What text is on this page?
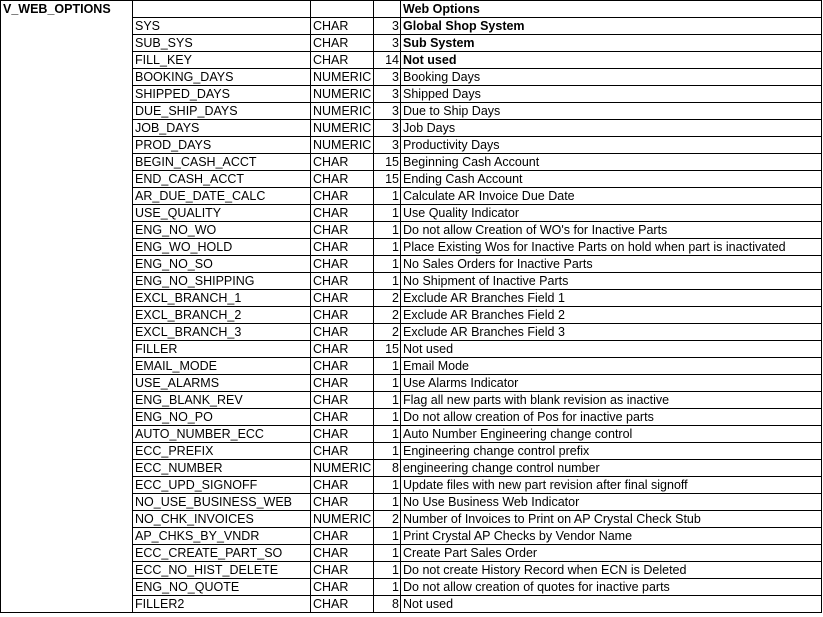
V_WEB_OPTIONS				Web Options
	SYS	CHAR	3	Global Shop System
	SUB_SYS	CHAR	3	Sub System
	FILL_KEY	CHAR	14	Not used
	BOOKING_DAYS	NUMERIC	3	Booking Days
	SHIPPED_DAYS	NUMERIC	3	Shipped Days
	DUE_SHIP_DAYS	NUMERIC	3	Due to Ship Days
	JOB_DAYS	NUMERIC	3	Job Days
	PROD_DAYS	NUMERIC	3	Productivity Days
	BEGIN_CASH_ACCT	CHAR	15	Beginning Cash Account
	END_CASH_ACCT	CHAR	15	Ending Cash Account
	AR_DUE_DATE_CALC	CHAR	1	Calculate AR Invoice Due Date
	USE_QUALITY	CHAR	1	Use Quality Indicator
	ENG_NO_WO	CHAR	1	Do not allow Creation of WO's for Inactive Parts
	ENG_WO_HOLD	CHAR	1	Place Existing Wos for Inactive Parts on hold when part is inactivated
	ENG_NO_SO	CHAR	1	No Sales Orders for Inactive Parts
	ENG_NO_SHIPPING	CHAR	1	No Shipment of Inactive Parts
	EXCL_BRANCH_1	CHAR	2	Exclude AR Branches Field 1
	EXCL_BRANCH_2	CHAR	2	Exclude AR Branches Field 2
	EXCL_BRANCH_3	CHAR	2	Exclude AR Branches Field 3
	FILLER	CHAR	15	Not used
	EMAIL_MODE	CHAR	1	Email Mode
	USE_ALARMS	CHAR	1	Use Alarms Indicator
	ENG_BLANK_REV	CHAR	1	Flag all new parts with blank revision as inactive
	ENG_NO_PO	CHAR	1	Do not allow creation of Pos for inactive parts
	AUTO_NUMBER_ECC	CHAR	1	Auto Number Engineering change control
	ECC_PREFIX	CHAR	1	Engineering change control prefix
	ECC_NUMBER	NUMERIC	8	engineering change control number
	ECC_UPD_SIGNOFF	CHAR	1	Update files with new part revision after final signoff
	NO_USE_BUSINESS_WEB	CHAR	1	No Use Business Web Indicator
	NO_CHK_INVOICES	NUMERIC	2	Number of Invoices to Print on AP Crystal Check Stub
	AP_CHKS_BY_VNDR	CHAR	1	Print Crystal AP Checks by Vendor Name
	ECC_CREATE_PART_SO	CHAR	1	Create Part Sales Order
	ECC_NO_HIST_DELETE	CHAR	1	Do not create History Record when ECN is Deleted
	ENG_NO_QUOTE	CHAR	1	Do not allow creation of quotes for inactive parts
	FILLER2	CHAR	8	Not used
